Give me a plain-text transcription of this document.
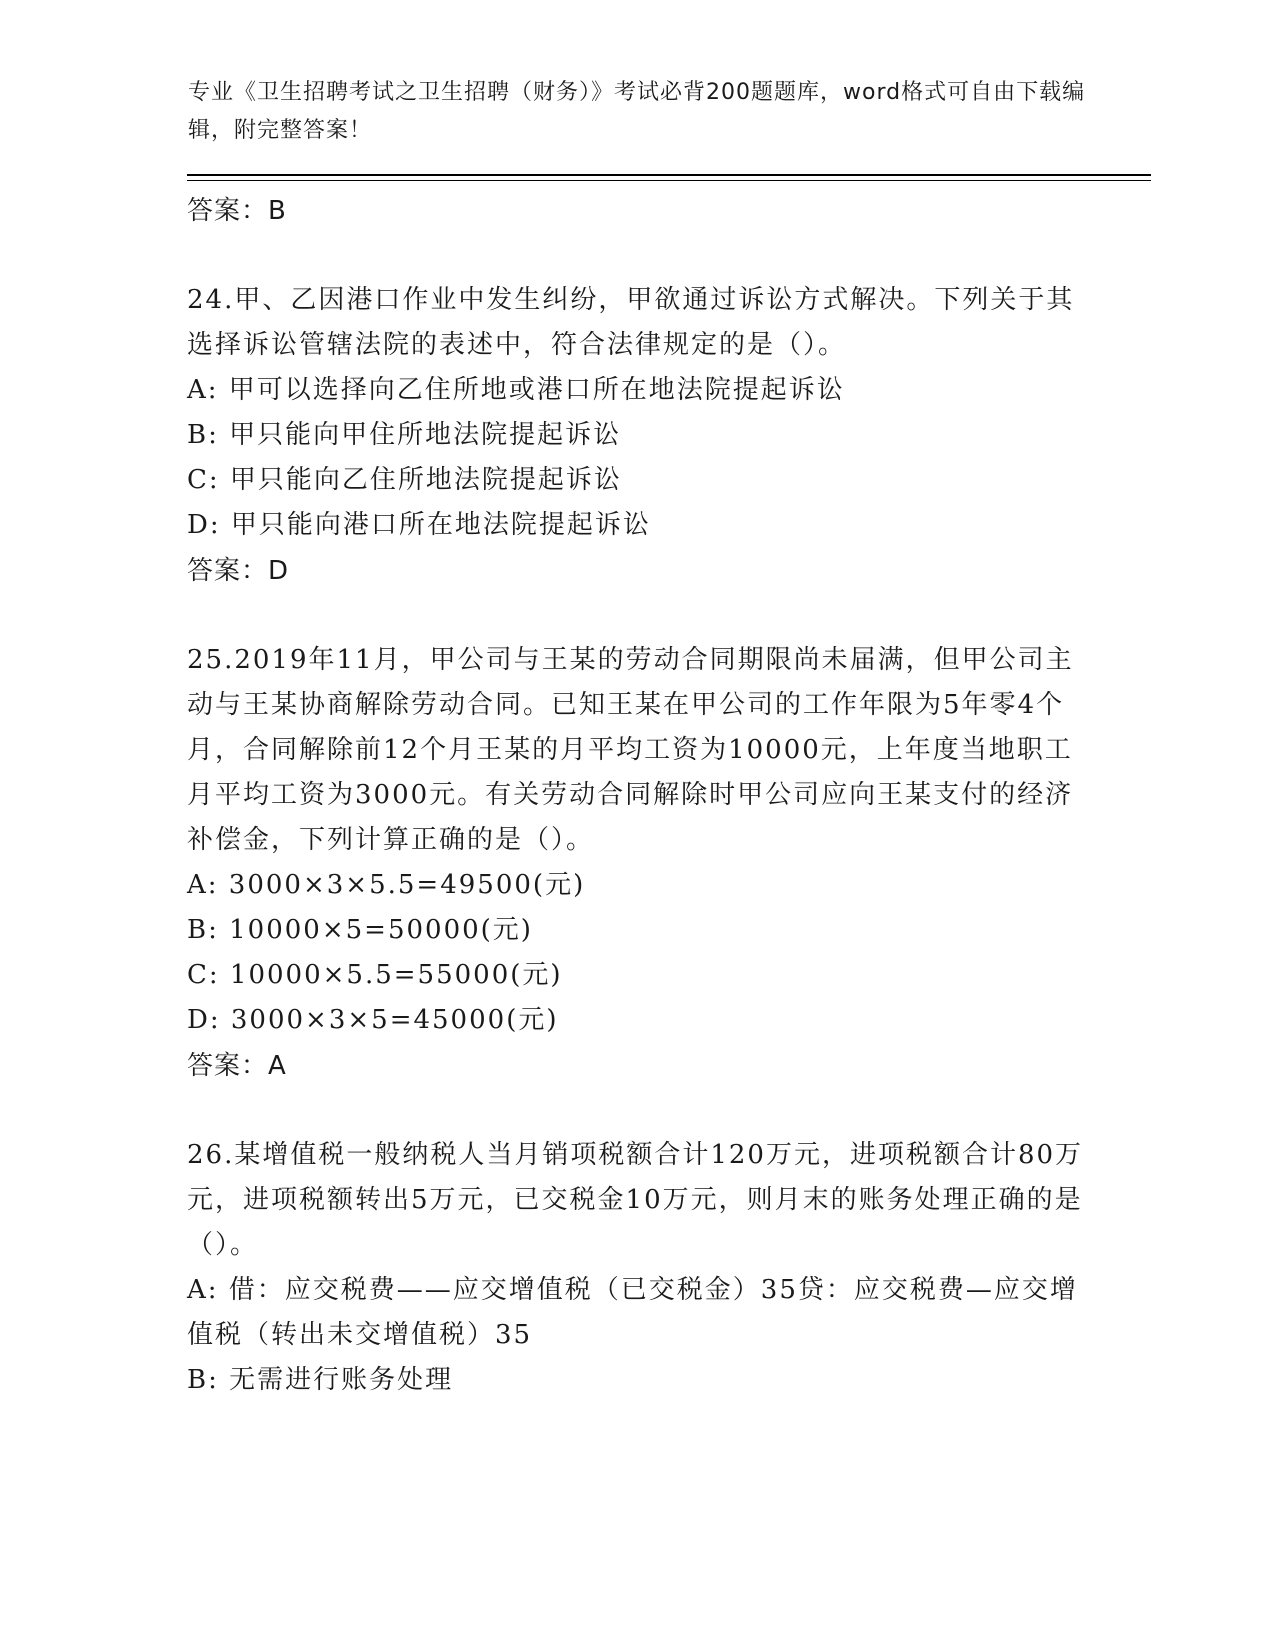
专业《卫生招聘考试之卫生招聘（财务）》考试必背200题题库，word格式可自由下载编辑，附完整答案！
答案：B
24.甲、乙因港口作业中发生纠纷，甲欲通过诉讼方式解决。下列关于其选择诉讼管辖法院的表述中，符合法律规定的是（）。
A: 甲可以选择向乙住所地或港口所在地法院提起诉讼
B: 甲只能向甲住所地法院提起诉讼
C: 甲只能向乙住所地法院提起诉讼
D: 甲只能向港口所在地法院提起诉讼
答案：D
25.2019年11月，甲公司与王某的劳动合同期限尚未届满，但甲公司主动与王某协商解除劳动合同。已知王某在甲公司的工作年限为5年零4个月，合同解除前12个月王某的月平均工资为10000元，上年度当地职工月平均工资为3000元。有关劳动合同解除时甲公司应向王某支付的经济补偿金，下列计算正确的是（）。
A: 3000×3×5.5=49500(元)
B: 10000×5=50000(元)
C: 10000×5.5=55000(元)
D: 3000×3×5=45000(元)
答案：A
26.某增值税一般纳税人当月销项税额合计120万元，进项税额合计80万元，进项税额转出5万元，已交税金10万元，则月末的账务处理正确的是（）。
A: 借：应交税费——应交增值税（已交税金）35贷：应交税费—应交增值税（转出未交增值税）35
B: 无需进行账务处理
